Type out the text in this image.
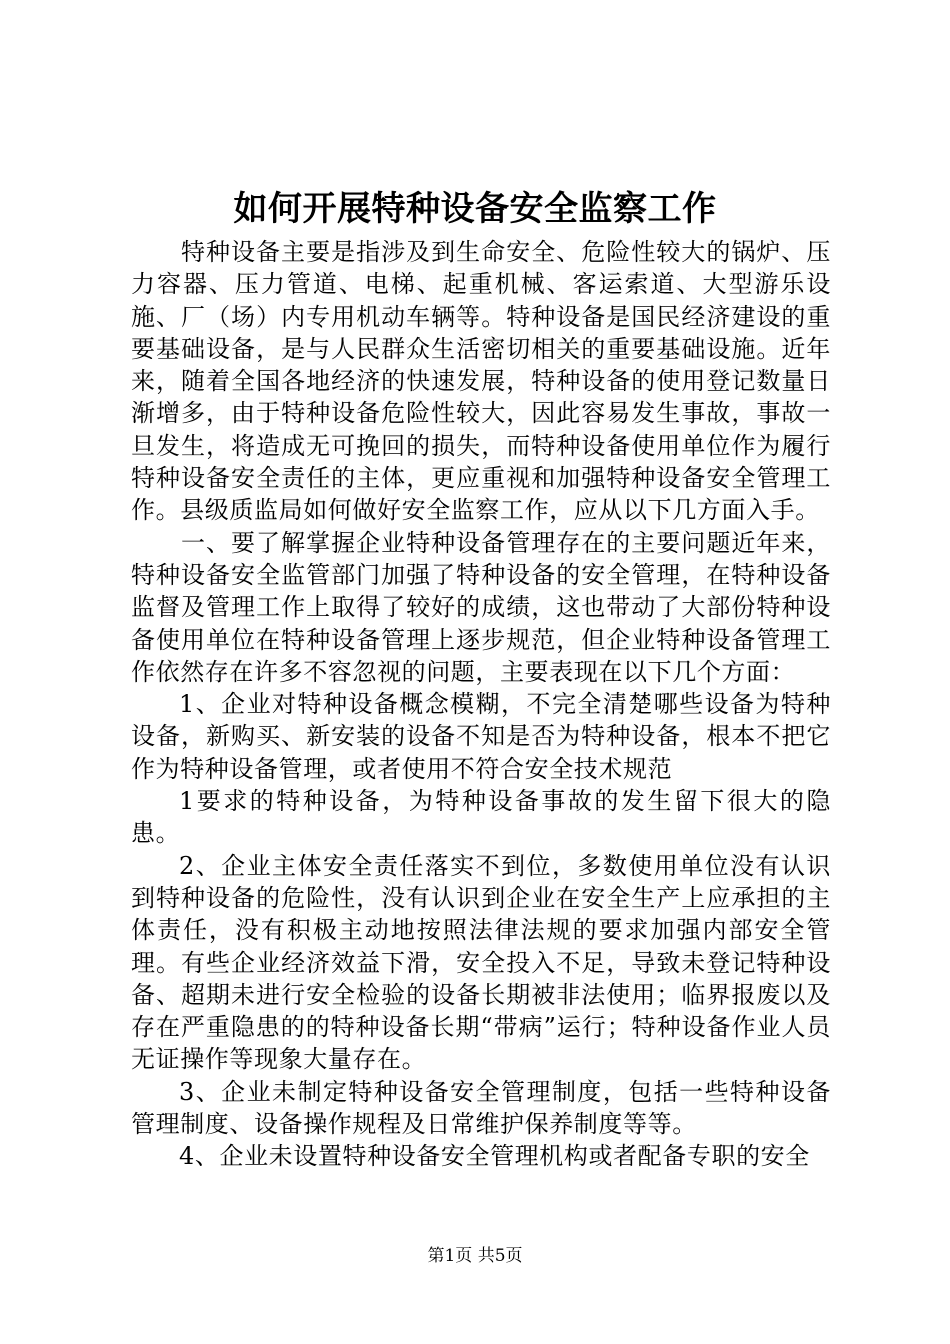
如何开展特种设备安全监察工作

特种设备主要是指涉及到生命安全、危险性较大的锅炉、压力容器、压力管道、电梯、起重机械、客运索道、大型游乐设施、厂（场）内专用机动车辆等。特种设备是国民经济建设的重要基础设备，是与人民群众生活密切相关的重要基础设施。近年来，随着全国各地经济的快速发展，特种设备的使用登记数量日渐增多，由于特种设备危险性较大，因此容易发生事故，事故一旦发生，将造成无可挽回的损失，而特种设备使用单位作为履行特种设备安全责任的主体，更应重视和加强特种设备安全管理工作。县级质监局如何做好安全监察工作，应从以下几方面入手。

一、要了解掌握企业特种设备管理存在的主要问题近年来，特种设备安全监管部门加强了特种设备的安全管理，在特种设备监督及管理工作上取得了较好的成绩，这也带动了大部份特种设备使用单位在特种设备管理上逐步规范，但企业特种设备管理工作依然存在许多不容忽视的问题，主要表现在以下几个方面：

1、企业对特种设备概念模糊，不完全清楚哪些设备为特种设备，新购买、新安装的设备不知是否为特种设备，根本不把它作为特种设备管理，或者使用不符合安全技术规范

1要求的特种设备，为特种设备事故的发生留下很大的隐患。

2、企业主体安全责任落实不到位，多数使用单位没有认识到特种设备的危险性，没有认识到企业在安全生产上应承担的主体责任，没有积极主动地按照法律法规的要求加强内部安全管理。有些企业经济效益下滑，安全投入不足，导致未登记特种设备、超期未进行安全检验的设备长期被非法使用；临界报废以及存在严重隐患的的特种设备长期“带病”运行；特种设备作业人员无证操作等现象大量存在。

3、企业未制定特种设备安全管理制度，包括一些特种设备管理制度、设备操作规程及日常维护保养制度等等。

4、企业未设置特种设备安全管理机构或者配备专职的安全

第1页 共5页
